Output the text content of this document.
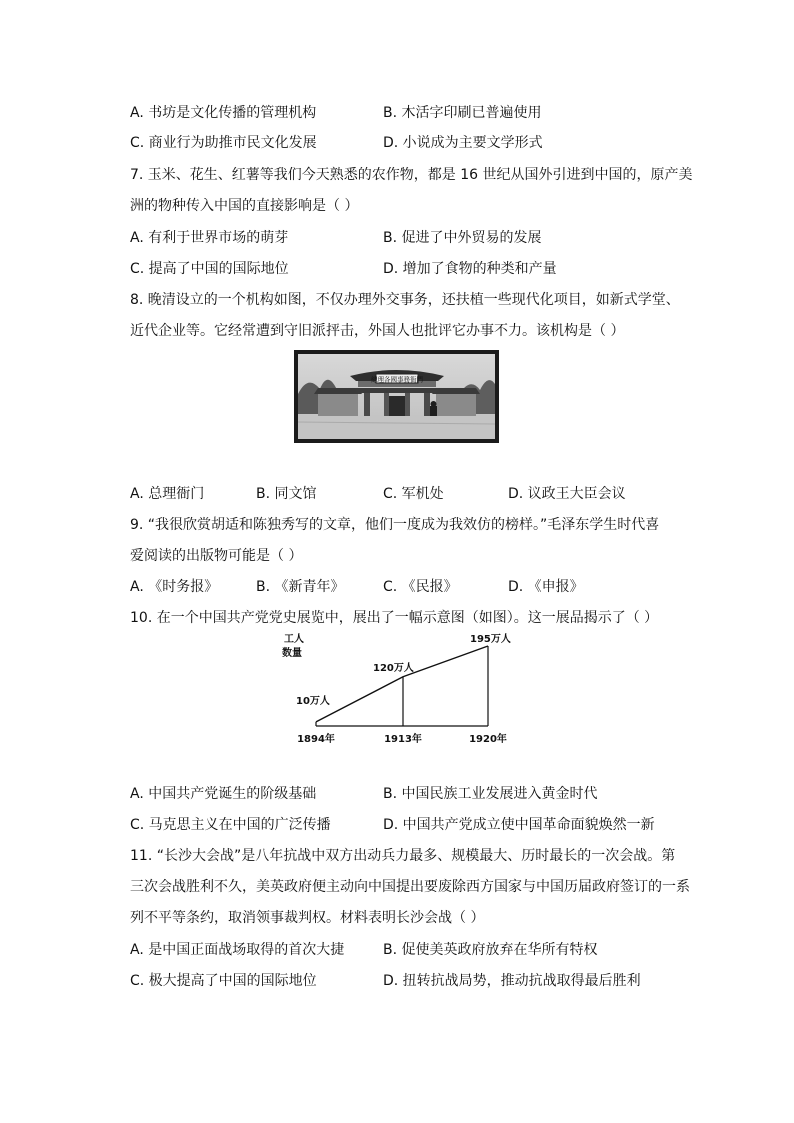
A. 书坊是文化传播的管理机构	B. 木活字印刷已普遍使用
C. 商业行为助推市民文化发展	D. 小说成为主要文学形式
7. 玉米、花生、红薯等我们今天熟悉的农作物，都是 16 世纪从国外引进到中国的，原产美
洲的物种传入中国的直接影响是（ ）
A. 有利于世界市场的萌芽	B. 促进了中外贸易的发展
C. 提高了中国的国际地位	D. 增加了食物的种类和产量
8. 晚清设立的一个机构如图，不仅办理外交事务，还扶植一些现代化项目，如新式学堂、
近代企业等。它经常遭到守旧派抨击，外国人也批评它办事不力。该机构是（ ）
總理各國事務衙門
A. 总理衙门	B. 同文馆	C. 军机处	D. 议政王大臣会议
9. “我很欣赏胡适和陈独秀写的文章，他们一度成为我效仿的榜样。”毛泽东学生时代喜
爱阅读的出版物可能是（ ）
A. 《时务报》	B. 《新青年》	C. 《民报》	D. 《申报》
10. 在一个中国共产党党史展览中，展出了一幅示意图（如图）。这一展品揭示了（ ）
工人
数量
10万人
120万人
195万人
1894年	1913年	1920年
A. 中国共产党诞生的阶级基础	B. 中国民族工业发展进入黄金时代
C. 马克思主义在中国的广泛传播	D. 中国共产党成立使中国革命面貌焕然一新
11. “长沙大会战”是八年抗战中双方出动兵力最多、规模最大、历时最长的一次会战。第
三次会战胜利不久，美英政府便主动向中国提出要废除西方国家与中国历届政府签订的一系
列不平等条约，取消领事裁判权。材料表明长沙会战（ ）
A. 是中国正面战场取得的首次大捷	B. 促使美英政府放弃在华所有特权
C. 极大提高了中国的国际地位	D. 扭转抗战局势，推动抗战取得最后胜利
